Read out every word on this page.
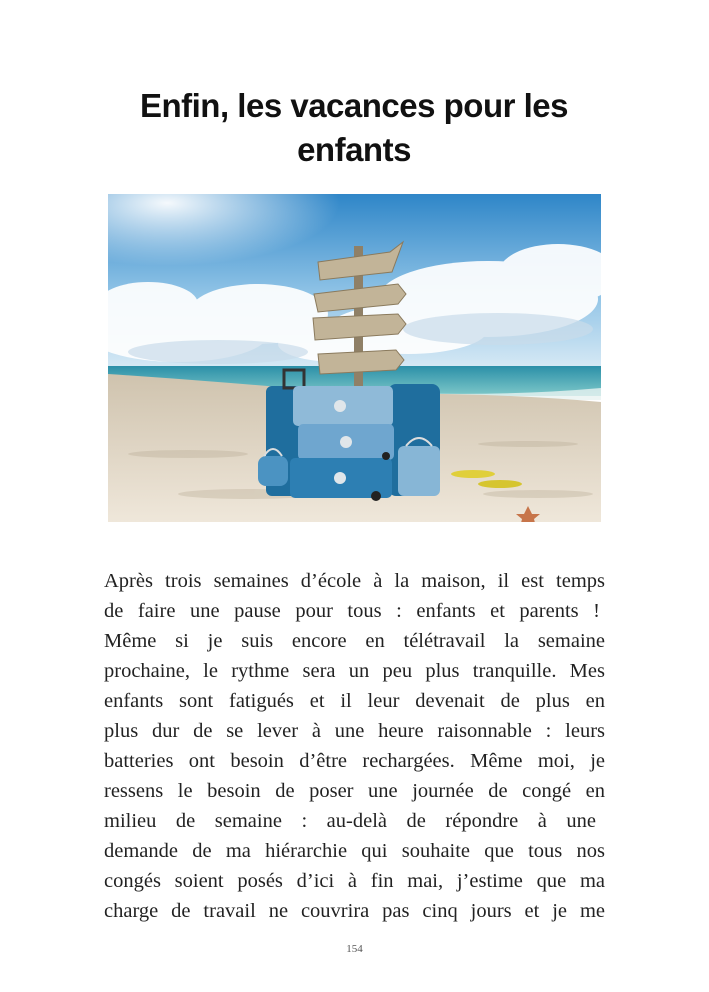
Enfin, les vacances pour les enfants
Après trois semaines d’école à la maison, il est temps
de faire une pause pour tous : enfants et parents !
Même si je suis encore en télétravail la semaine
prochaine, le rythme sera un peu plus tranquille. Mes
enfants sont fatigués et il leur devenait de plus en
plus dur de se lever à une heure raisonnable : leurs
batteries ont besoin d’être rechargées. Même moi, je
ressens le besoin de poser une journée de congé en
milieu de semaine : au-delà de répondre à une
demande de ma hiérarchie qui souhaite que tous nos
congés soient posés d’ici à fin mai, j’estime que ma
charge de travail ne couvrira pas cinq jours et je me
154
